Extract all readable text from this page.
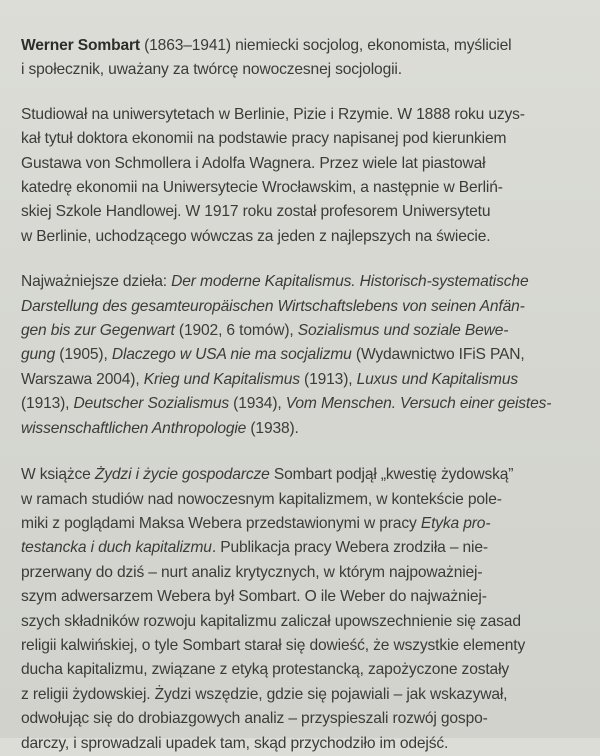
Werner Sombart (1863–1941) niemiecki socjolog, ekonomista, myśliciel
i społecznik, uważany za twórcę nowoczesnej socjologii.

Studiował na uniwersytetach w Berlinie, Pizie i Rzymie. W 1888 roku uzys-
kał tytuł doktora ekonomii na podstawie pracy napisanej pod kierunkiem
Gustawa von Schmollera i Adolfa Wagnera. Przez wiele lat piastował
katedrę ekonomii na Uniwersytecie Wrocławskim, a następnie w Berliń-
skiej Szkole Handlowej. W 1917 roku został profesorem Uniwersytetu
w Berlinie, uchodzącego wówczas za jeden z najlepszych na świecie.

Najważniejsze dzieła: Der moderne Kapitalismus. Historisch-systematische
Darstellung des gesamteuropäischen Wirtschaftslebens von seinen Anfän-
gen bis zur Gegenwart (1902, 6 tomów), Sozialismus und soziale Bewe-
gung (1905), Dlaczego w USA nie ma socjalizmu (Wydawnictwo IFiS PAN,
Warszawa 2004), Krieg und Kapitalismus (1913), Luxus und Kapitalismus
(1913), Deutscher Sozialismus (1934), Vom Menschen. Versuch einer geistes-
wissenschaftlichen Anthropologie (1938).

W książce Żydzi i życie gospodarcze Sombart podjął „kwestię żydowską”
w ramach studiów nad nowoczesnym kapitalizmem, w kontekście pole-
miki z poglądami Maksa Webera przedstawionymi w pracy Etyka pro-
testancka i duch kapitalizmu. Publikacja pracy Webera zrodziła – nie-
przerwany do dziś – nurt analiz krytycznych, w którym najpoważniej-
szym adwersarzem Webera był Sombart. O ile Weber do najważniej-
szych składników rozwoju kapitalizmu zaliczał upowszechnienie się zasad
religii kalwińskiej, o tyle Sombart starał się dowieść, że wszystkie elementy
ducha kapitalizmu, związane z etyką protestancką, zapożyczone zostały
z religii żydowskiej. Żydzi wszędzie, gdzie się pojawiali – jak wskazywał,
odwołując się do drobiazgowych analiz – przyspieszali rozwój gospo-
darczy, i sprowadzali upadek tam, skąd przychodziło im odejść.
